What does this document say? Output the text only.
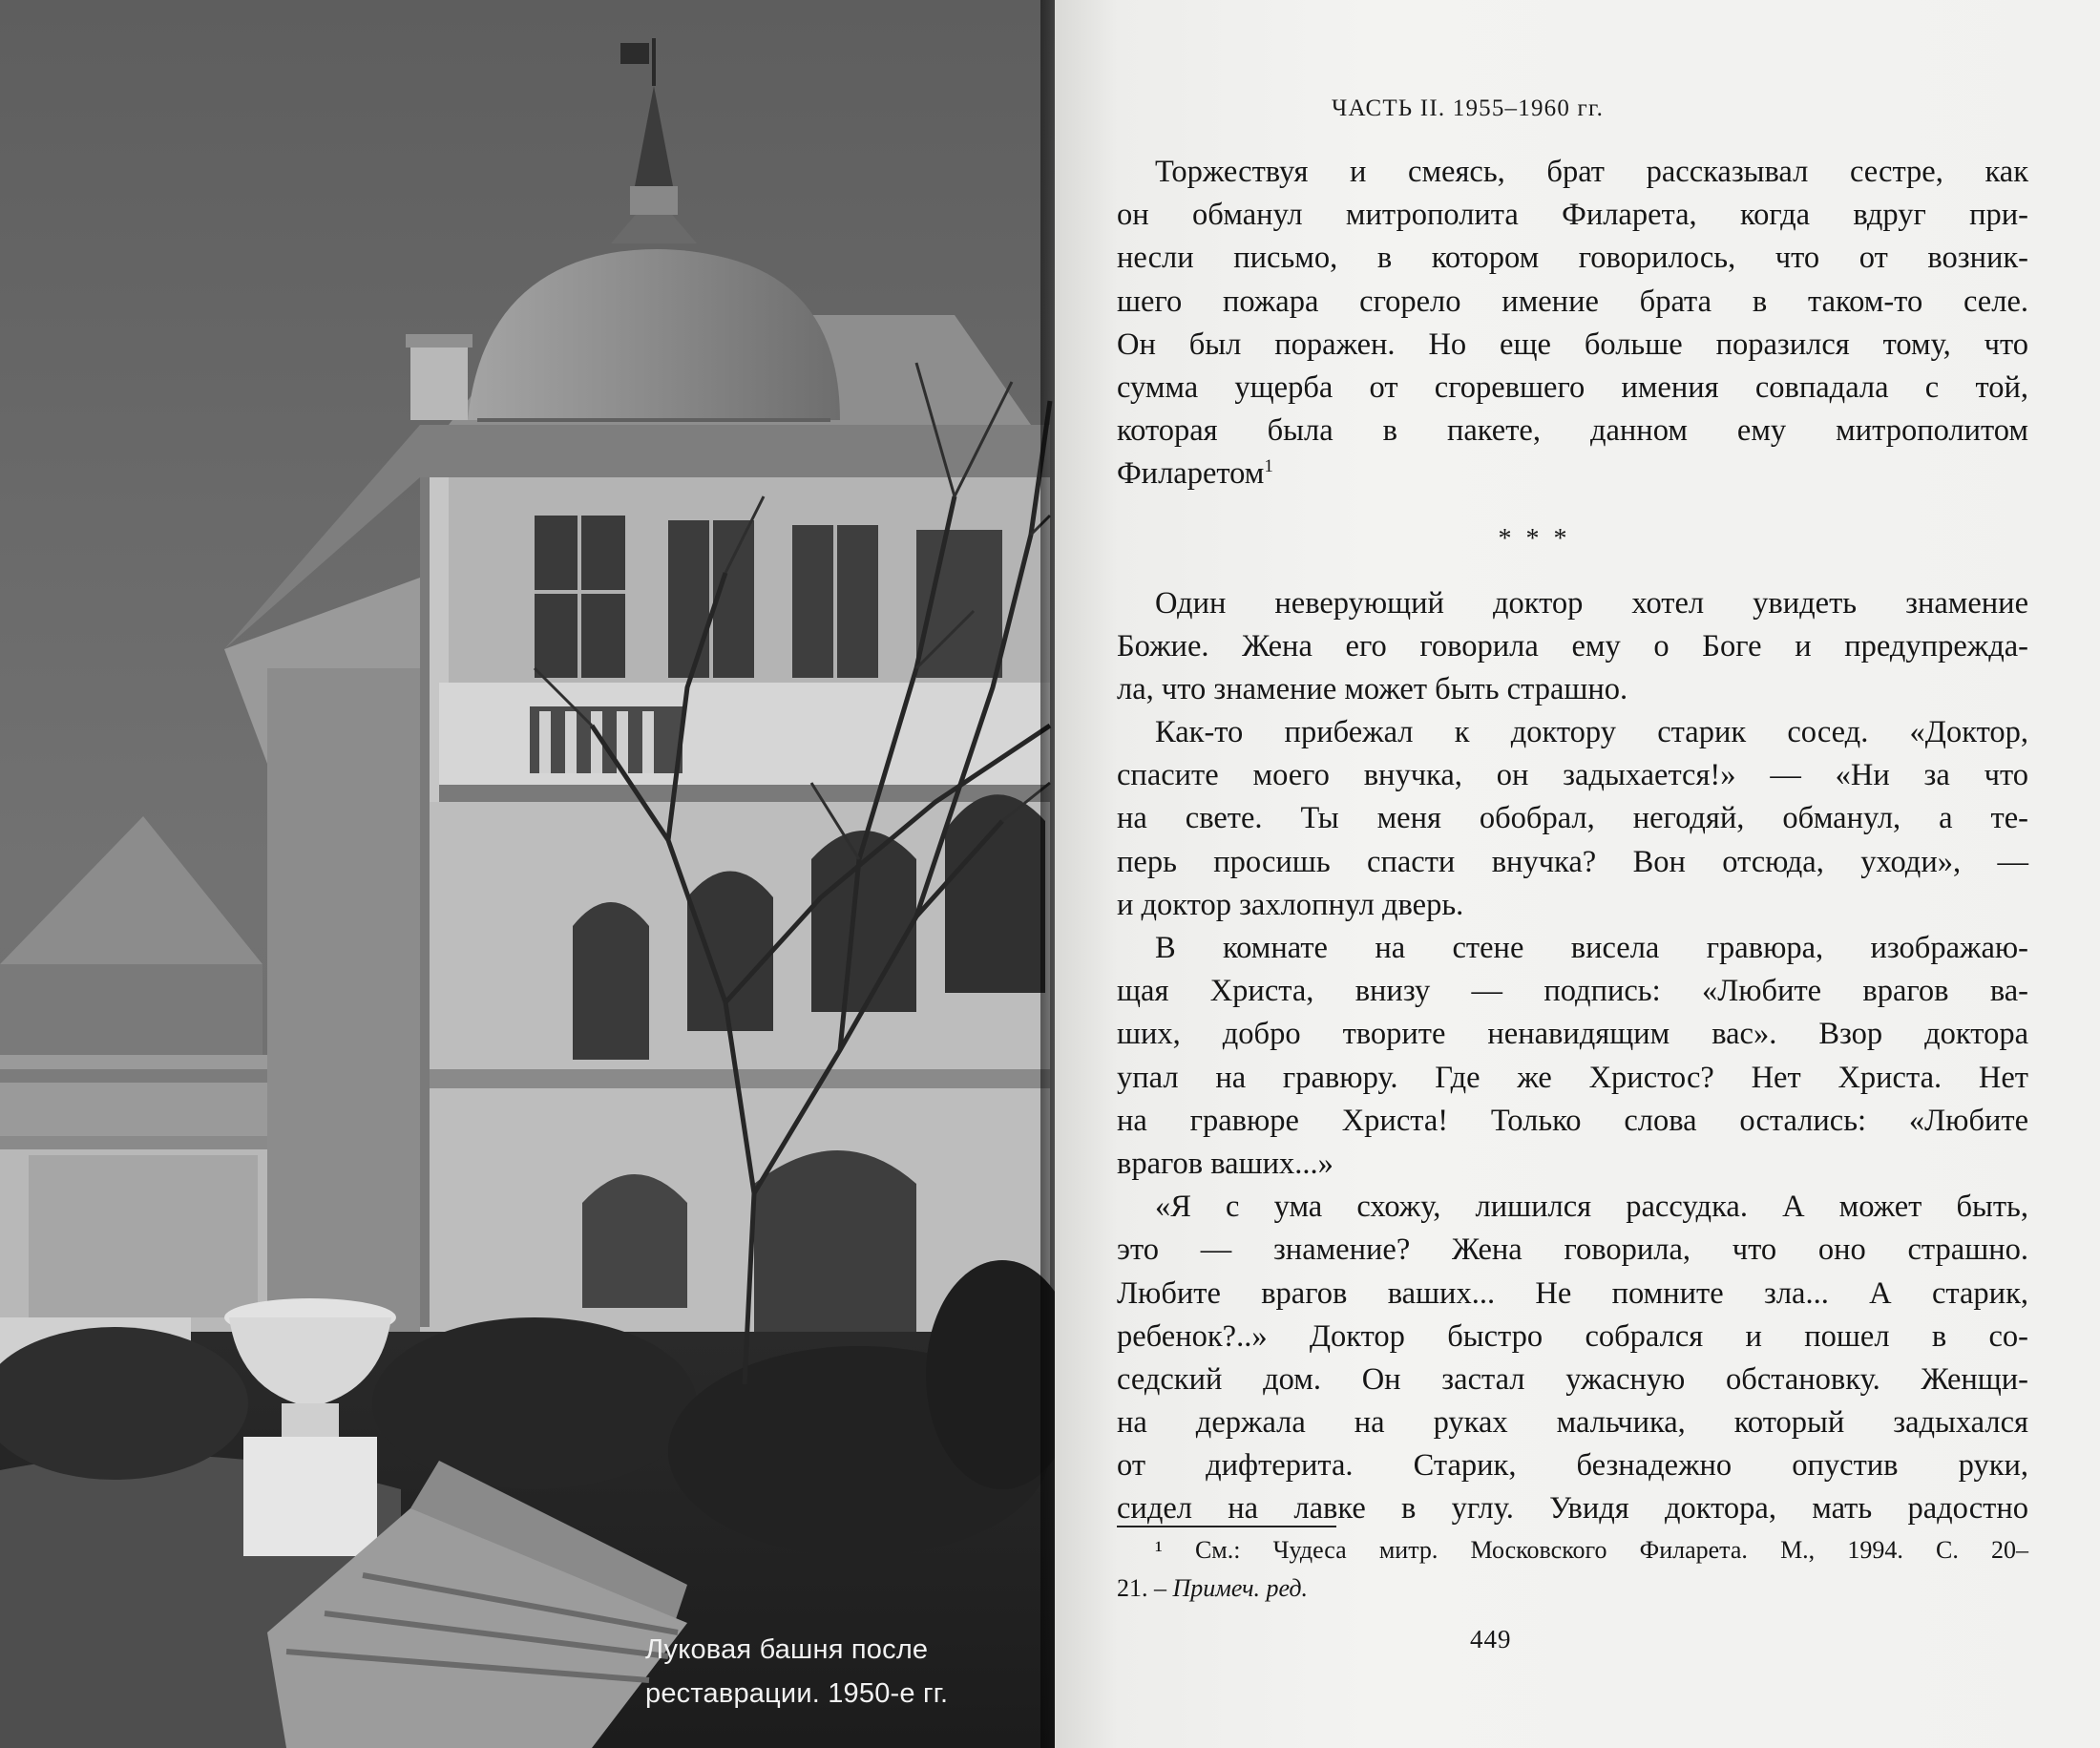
Луковая башня после
реставрации. 1950-е гг.
ЧАСТЬ II. 1955–1960 гг.
Торжествуя и смеясь, брат рассказывал сестре, как
он обманул митрополита Филарета, когда вдруг при-
несли письмо, в котором говорилось, что от возник-
шего пожара сгорело имение брата в таком-то селе.
Он был поражен. Но еще больше поразился тому, что
сумма ущерба от сгоревшего имения совпадала с той,
которая была в пакете, данном ему митрополитом
Филаретом$^1$
* * *
Один неверующий доктор хотел увидеть знамение
Божие. Жена его говорила ему о Боге и предупрежда-
ла, что знамение может быть страшно.
Как-то прибежал к доктору старик сосед. «Доктор,
спасите моего внучка, он задыхается!» — «Ни за что
на свете. Ты меня обобрал, негодяй, обманул, а те-
перь просишь спасти внучка? Вон отсюда, уходи», —
и доктор захлопнул дверь.
В комнате на стене висела гравюра, изображаю-
щая Христа, внизу — подпись: «Любите врагов ва-
ших, добро творите ненавидящим вас». Взор доктора
упал на гравюру. Где же Христос? Нет Христа. Нет
на гравюре Христа! Только слова остались: «Любите
врагов ваших...»
«Я с ума схожу, лишился рассудка. А может быть,
это — знамение? Жена говорила, что оно страшно.
Любите врагов ваших... Не помните зла... А старик,
ребенок?..» Доктор быстро собрался и пошел в со-
седский дом. Он застал ужасную обстановку. Женщи-
на держала на руках мальчика, который задыхался
от дифтерита. Старик, безнадежно опустив руки,
сидел на лавке в углу. Увидя доктора, мать радостно
¹ См.: Чудеса митр. Московского Филарета. М., 1994. С. 20–
21. – Примеч. ред.
449
